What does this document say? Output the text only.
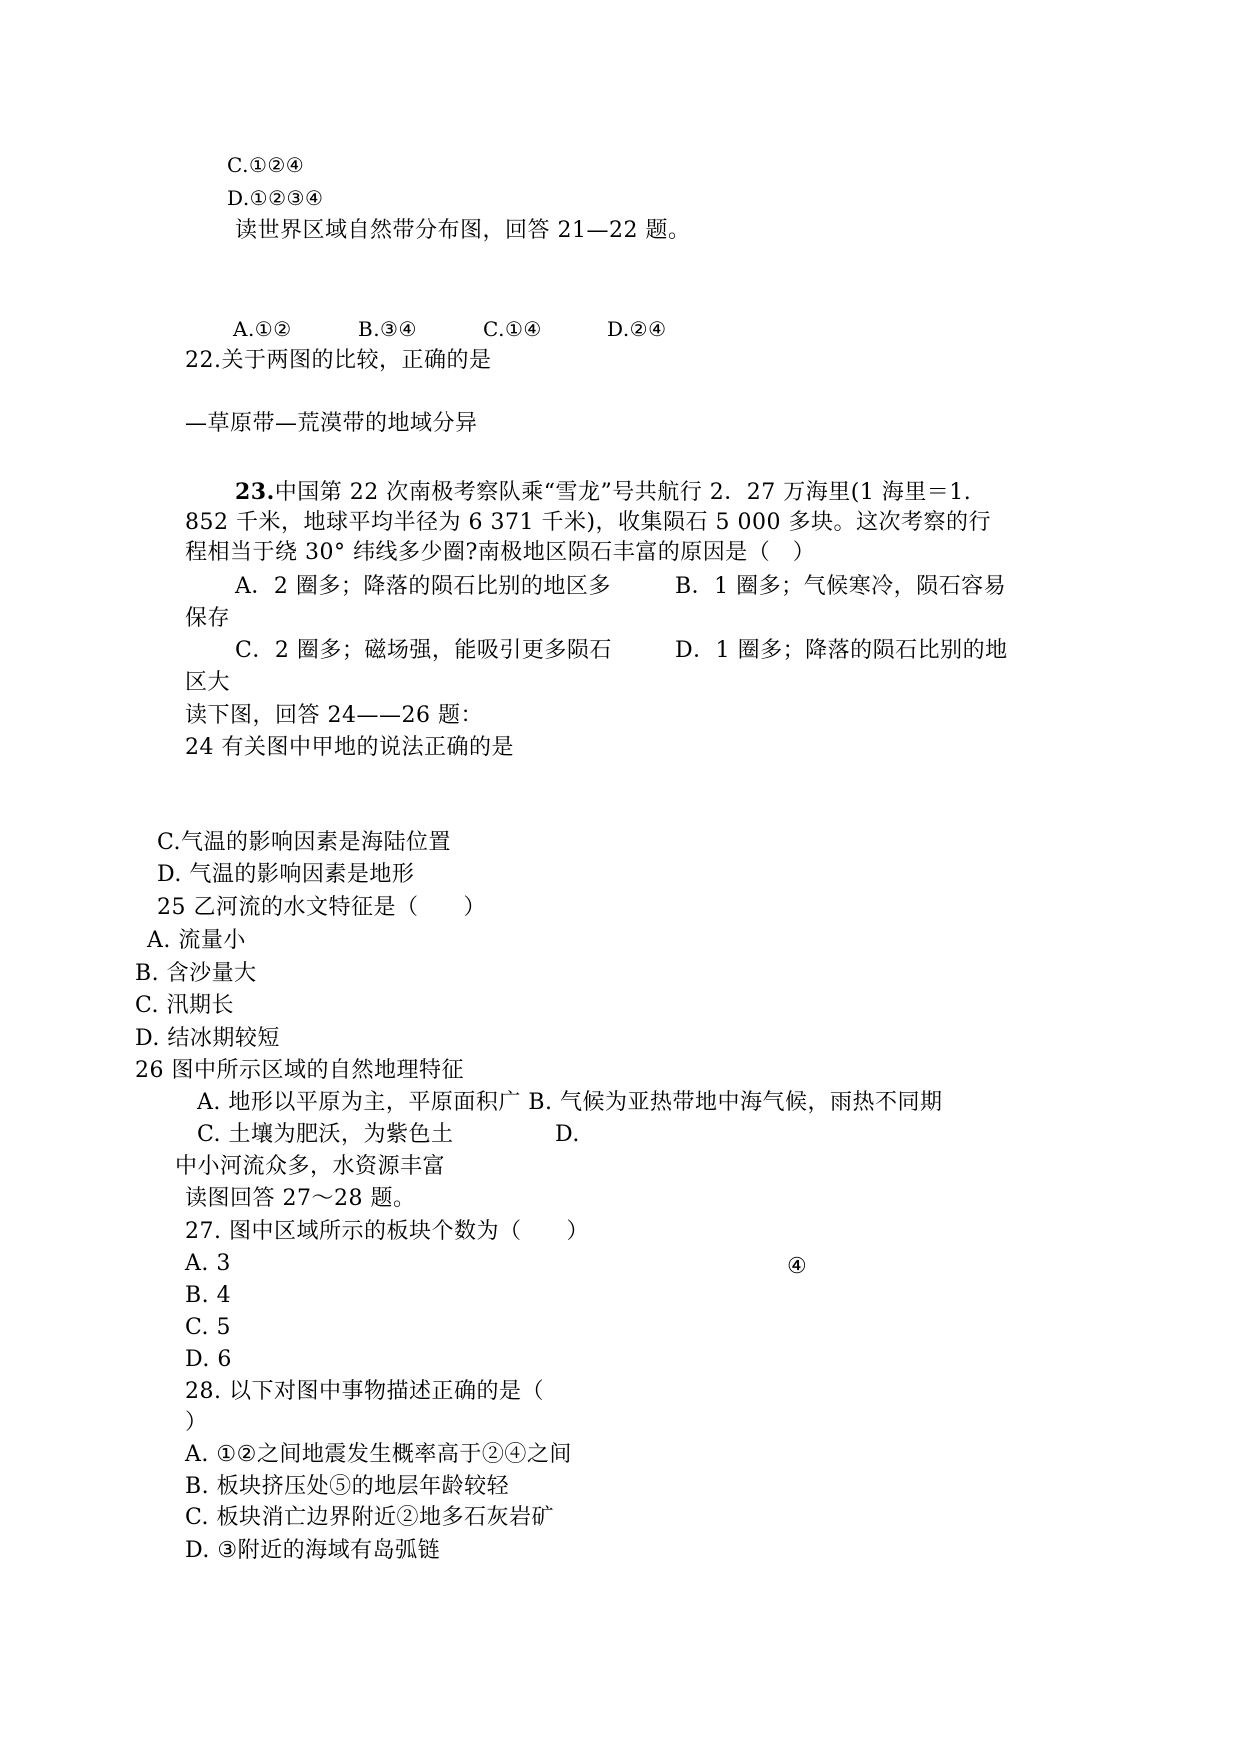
C.①②④
D.①②③④
读世界区域自然带分布图，回答 21—22 题。
A.①②	B.③④	C.①④	D.②④
22.关于两图的比较，正确的是
—草原带—荒漠带的地域分异
23.中国第 22 次南极考察队乘“雪龙”号共航行 2．27 万海里(1 海里＝1.
852 千米，地球平均半径为 6 371 千米)，收集陨石 5 000 多块。这次考察的行
程相当于绕 30° 纬线多少圈?南极地区陨石丰富的原因是（　）
A．2 圈多；降落的陨石比别的地区多	B．1 圈多；气候寒冷，陨石容易
保存
C．2 圈多；磁场强，能吸引更多陨石	D．1 圈多；降落的陨石比别的地
区大
读下图，回答 24——26 题：
24 有关图中甲地的说法正确的是
C.气温的影响因素是海陆位置
D. 气温的影响因素是地形
25 乙河流的水文特征是（　　）
A. 流量小
B. 含沙量大
C. 汛期长
D. 结冰期较短
26 图中所示区域的自然地理特征
A. 地形以平原为主，平原面积广 B. 气候为亚热带地中海气候，雨热不同期
C. 土壤为肥沃，为紫色土	D.
中小河流众多，水资源丰富
读图回答 27～28 题。
27. 图中区域所示的板块个数为（　　）
A. 3	④
B. 4
C. 5
D. 6
28. 以下对图中事物描述正确的是（
）
A. ①②之间地震发生概率高于②④之间
B. 板块挤压处⑤的地层年龄较轻
C. 板块消亡边界附近②地多石灰岩矿
D. ③附近的海域有岛弧链
